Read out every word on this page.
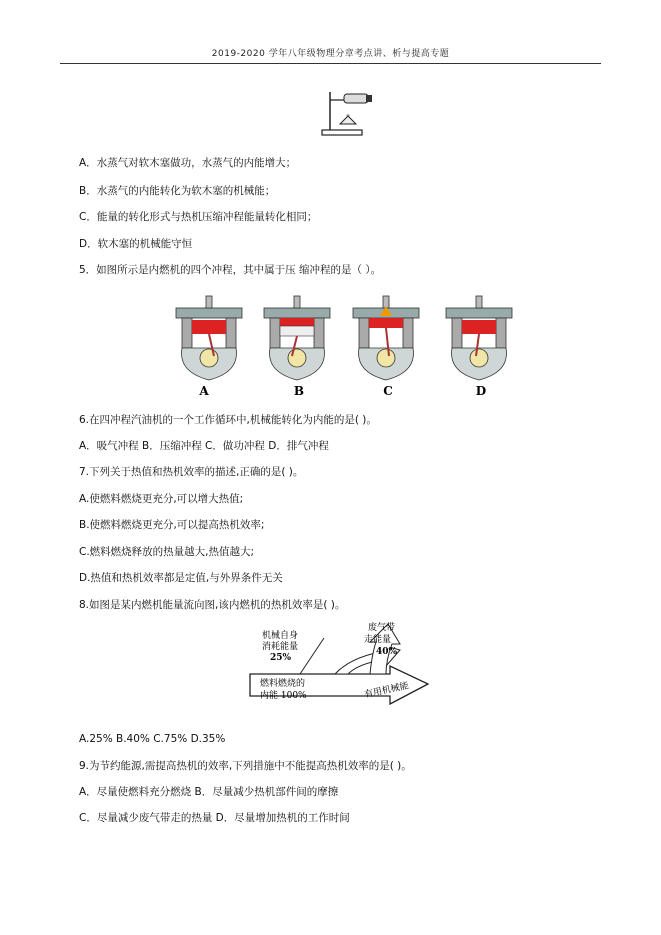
2019-2020 学年八年级物理分章考点讲、析与提高专题
A．水蒸气对软木塞做功，水蒸气的内能增大；
B．水蒸气的内能转化为软木塞的机械能；
C．能量的转化形式与热机压缩冲程能量转化相同；
D．软木塞的机械能守恒
5．如图所示是内燃机的四个冲程，其中属于压 缩冲程的是（ ）。
A	B	C	D
6.在四冲程汽油机的一个工作循环中,机械能转化为内能的是( )。
A．吸气冲程 B．压缩冲程 C．做功冲程 D．排气冲程
7.下列关于热值和热机效率的描述,正确的是( )。
A.使燃料燃烧更充分,可以增大热值;
B.使燃料燃烧更充分,可以提高热机效率;
C.燃料燃烧释放的热量越大,热值越大;
D.热值和热机效率都是定值,与外界条件无关
8.如图是某内燃机能量流向图,该内燃机的热机效率是( )。
机械自身
消耗能量
25%
废气带
走能量
40%
燃料燃烧的
内能 100%	有用机械能
A.25% B.40% C.75% D.35%
9.为节约能源,需提高热机的效率,下列措施中不能提高热机效率的是( )。
A．尽量使燃料充分燃烧 B．尽量减少热机部件间的摩擦
C．尽量减少废气带走的热量 D．尽量增加热机的工作时间
